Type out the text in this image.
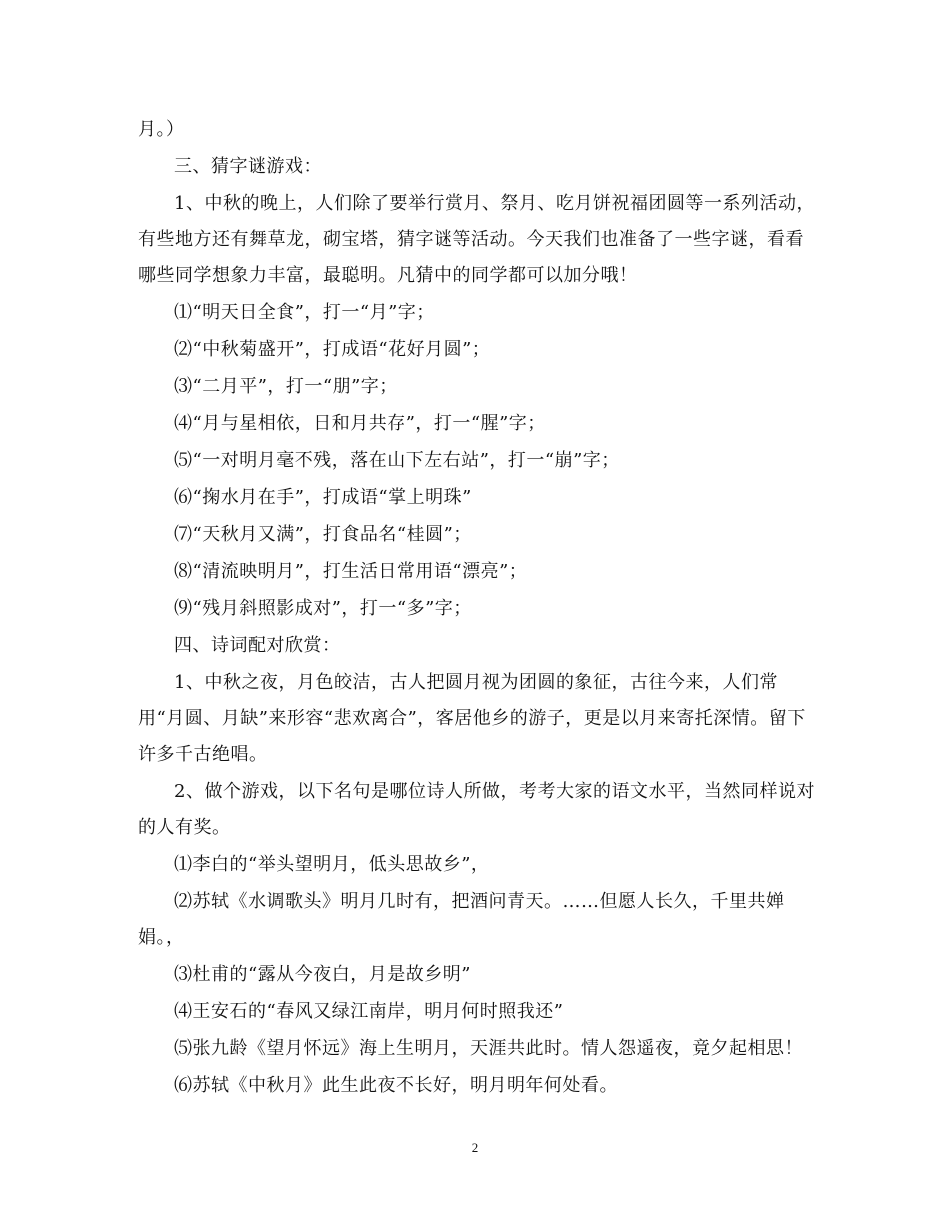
月。）

三、猜字谜游戏：

1、中秋的晚上，人们除了要举行赏月、祭月、吃月饼祝福团圆等一系列活动，有些地方还有舞草龙，砌宝塔，猜字谜等活动。今天我们也准备了一些字谜，看看哪些同学想象力丰富，最聪明。凡猜中的同学都可以加分哦！

⑴“明天日全食”，打一“月”字；

⑵“中秋菊盛开”，打成语“花好月圆”；

⑶“二月平”，打一“朋”字；

⑷“月与星相依，日和月共存”，打一“腥”字；

⑸“一对明月毫不残，落在山下左右站”，打一“崩”字；

⑹“掬水月在手”，打成语“掌上明珠”

⑺“天秋月又满”，打食品名“桂圆”；

⑻“清流映明月”，打生活日常用语“漂亮”；

⑼“残月斜照影成对”，打一“多”字；

四、诗词配对欣赏：

1、中秋之夜，月色皎洁，古人把圆月视为团圆的象征，古往今来，人们常用“月圆、月缺”来形容“悲欢离合”，客居他乡的游子，更是以月来寄托深情。留下许多千古绝唱。

2、做个游戏，以下名句是哪位诗人所做，考考大家的语文水平，当然同样说对的人有奖。

⑴李白的“举头望明月，低头思故乡”，

⑵苏轼《水调歌头》明月几时有，把酒问青天。……但愿人长久，千里共婵娟。，

⑶杜甫的“露从今夜白，月是故乡明”

⑷王安石的“春风又绿江南岸，明月何时照我还”

⑸张九龄《望月怀远》海上生明月，天涯共此时。情人怨遥夜，竟夕起相思！

⑹苏轼《中秋月》此生此夜不长好，明月明年何处看。

2
